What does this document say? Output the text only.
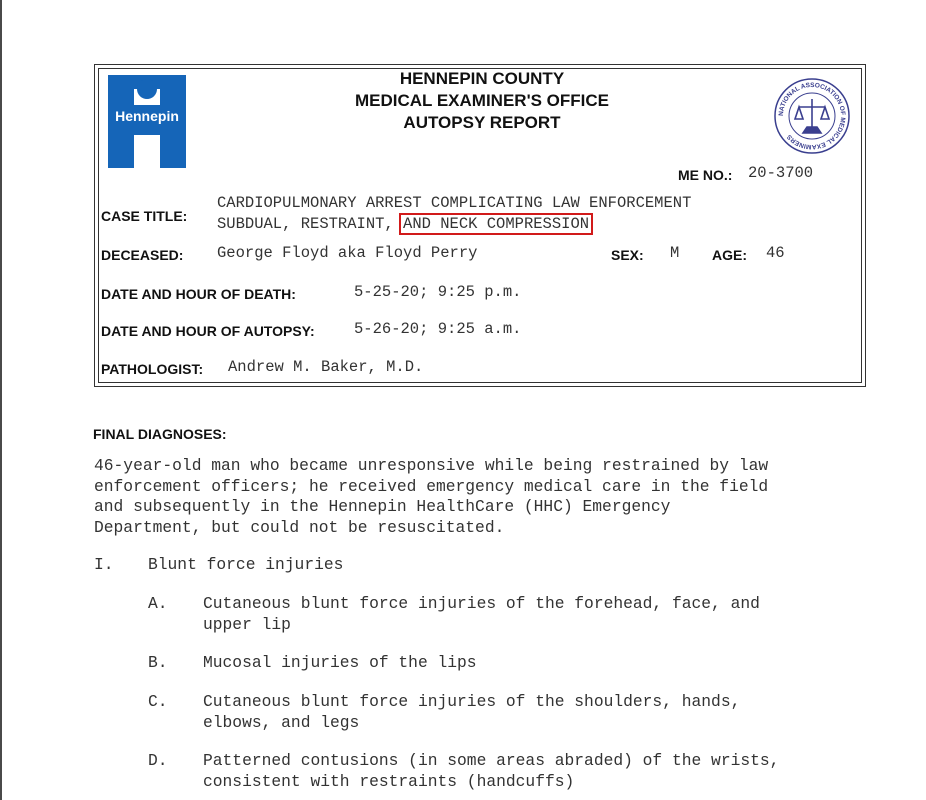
Hennepin	NATIONAL ASSOCIATION OF MEDICAL EXAMINERS
HENNEPIN COUNTY
MEDICAL EXAMINER'S OFFICE
AUTOPSY REPORT
ME NO.: 20-3700
CASE TITLE:
CARDIOPULMONARY ARREST COMPLICATING LAW ENFORCEMENT
SUBDUAL, RESTRAINT, AND NECK COMPRESSION
DECEASED: George Floyd aka Floyd Perry	SEX: M AGE: 46
DATE AND HOUR OF DEATH:	5-25-20; 9:25 p.m.
DATE AND HOUR OF AUTOPSY:	5-26-20; 9:25 a.m.
PATHOLOGIST: Andrew M. Baker, M.D.
FINAL DIAGNOSES:
46-year-old man who became unresponsive while being restrained by law
enforcement officers; he received emergency medical care in the field
and subsequently in the Hennepin HealthCare (HHC) Emergency
Department, but could not be resuscitated.
I. Blunt force injuries
A. Cutaneous blunt force injuries of the forehead, face, and
upper lip
B. Mucosal injuries of the lips
C. Cutaneous blunt force injuries of the shoulders, hands,
elbows, and legs
D. Patterned contusions (in some areas abraded) of the wrists,
consistent with restraints (handcuffs)
